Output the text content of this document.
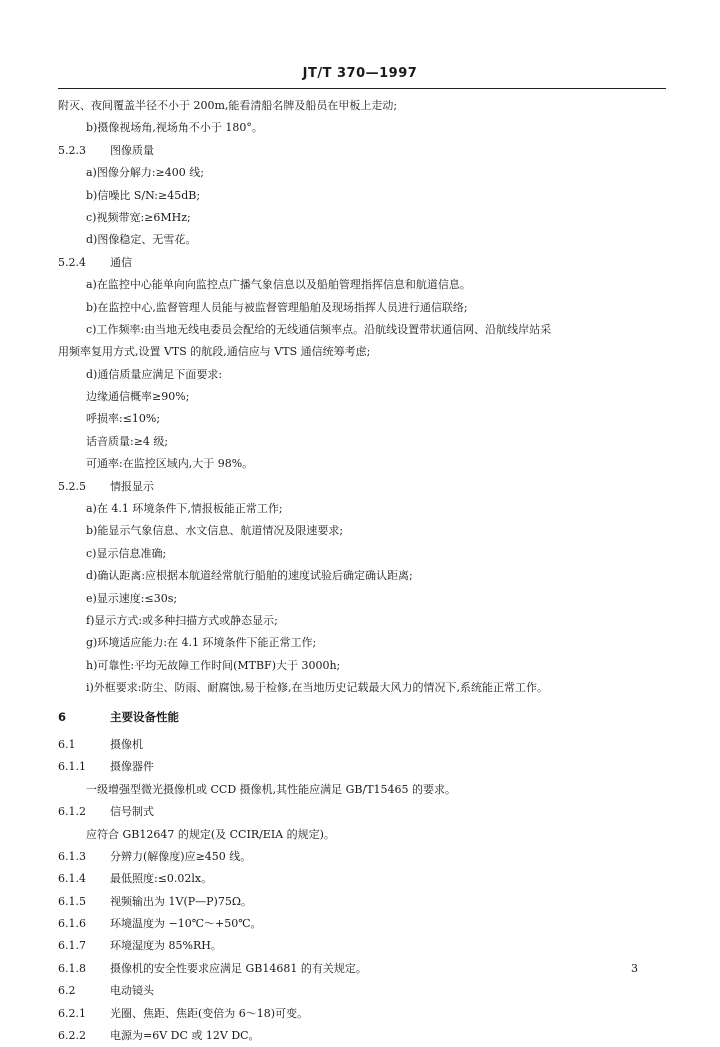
JT/T 370—1997
附灭、夜间覆盖半径不小于 200m,能看清船名牌及船员在甲板上走动;
b)摄像视场角,视场角不小于 180°。
5.2.3 图像质量
a)图像分解力:≥400 线;
b)信噪比 S/N:≥45dB;
c)视频带宽:≥6MHz;
d)图像稳定、无雪花。
5.2.4 通信
a)在监控中心能单向向监控点广播气象信息以及船舶管理指挥信息和航道信息。
b)在监控中心,监督管理人员能与被监督管理船舶及现场指挥人员进行通信联络;
c)工作频率:由当地无线电委员会配给的无线通信频率点。沿航线设置带状通信网、沿航线岸站采
用频率复用方式,设置 VTS 的航段,通信应与 VTS 通信统筹考虑;
d)通信质量应满足下面要求:
边缘通信概率≥90%;
呼损率:≤10%;
话音质量:≥4 级;
可通率:在监控区域内,大于 98%。
5.2.5 情报显示
a)在 4.1 环境条件下,情报板能正常工作;
b)能显示气象信息、水文信息、航道情况及限速要求;
c)显示信息准确;
d)确认距离:应根据本航道经常航行船舶的速度试验后确定确认距离;
e)显示速度:≤30s;
f)显示方式:或多种扫描方式或静态显示;
g)环境适应能力:在 4.1 环境条件下能正常工作;
h)可靠性:平均无故障工作时间(MTBF)大于 3000h;
i)外框要求:防尘、防雨、耐腐蚀,易于检修,在当地历史记载最大风力的情况下,系统能正常工作。
6	主要设备性能
6.1	摄像机
6.1.1 摄像器件
一级增强型微光摄像机或 CCD 摄像机,其性能应满足 GB/T15465 的要求。
6.1.2 信号制式
应符合 GB12647 的规定(及 CCIR/EIA 的规定)。
6.1.3 分辨力(解像度)应≥450 线。
6.1.4 最低照度:≤0.02lx。
6.1.5 视频输出为 1V(P—P)75Ω。
6.1.6 环境温度为 −10℃～+50℃。
6.1.7 环境湿度为 85%RH。
6.1.8 摄像机的安全性要求应满足 GB14681 的有关规定。
6.2	电动镜头
6.2.1 光圈、焦距、焦距(变倍为 6～18)可变。
6.2.2 电源为=6V DC 或 12V DC。
3
